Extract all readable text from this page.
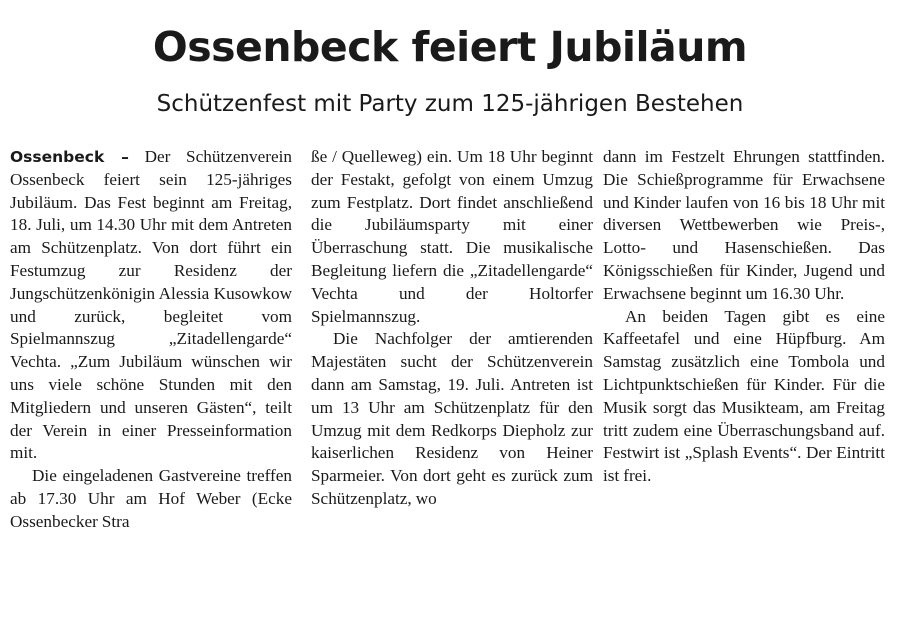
Ossenbeck feiert Jubiläum
Schützenfest mit Party zum 125-jährigen Bestehen

Ossenbeck – Der Schützenverein Ossenbeck feiert sein 125-jähriges Jubiläum. Das Fest beginnt am Freitag, 18. Juli, um 14.30 Uhr mit dem Antreten am Schützenplatz. Von dort führt ein Festumzug zur Residenz der Jungschützenkönigin Alessia Kusowkow und zurück, begleitet vom Spielmannszug „Zitadellengarde“ Vechta. „Zum Jubiläum wünschen wir uns viele schöne Stunden mit den Mitgliedern und unseren Gästen“, teilt der Verein in einer Presseinformation mit.

Die eingeladenen Gastvereine treffen ab 17.30 Uhr am Hof Weber (Ecke Ossenbecker Stra

ße / Quelleweg) ein. Um 18 Uhr beginnt der Festakt, gefolgt von einem Umzug zum Festplatz. Dort findet anschließend die Jubiläumsparty mit einer Überraschung statt. Die musikalische Begleitung liefern die „Zitadellengarde“ Vechta und der Holtorfer Spielmannszug.

Die Nachfolger der amtierenden Majestäten sucht der Schützenverein dann am Samstag, 19. Juli. Antreten ist um 13 Uhr am Schützenplatz für den Umzug mit dem Redkorps Diepholz zur kaiserlichen Residenz von Heiner Sparmeier. Von dort geht es zurück zum Schützenplatz, wo

dann im Festzelt Ehrungen stattfinden. Die Schießprogramme für Erwachsene und Kinder laufen von 16 bis 18 Uhr mit diversen Wettbewerben wie Preis-, Lotto- und Hasenschießen. Das Königsschießen für Kinder, Jugend und Erwachsene beginnt um 16.30 Uhr.

An beiden Tagen gibt es eine Kaffeetafel und eine Hüpfburg. Am Samstag zusätzlich eine Tombola und Lichtpunktschießen für Kinder. Für die Musik sorgt das Musikteam, am Freitag tritt zudem eine Überraschungsband auf. Festwirt ist „Splash Events“. Der Eintritt ist frei.
